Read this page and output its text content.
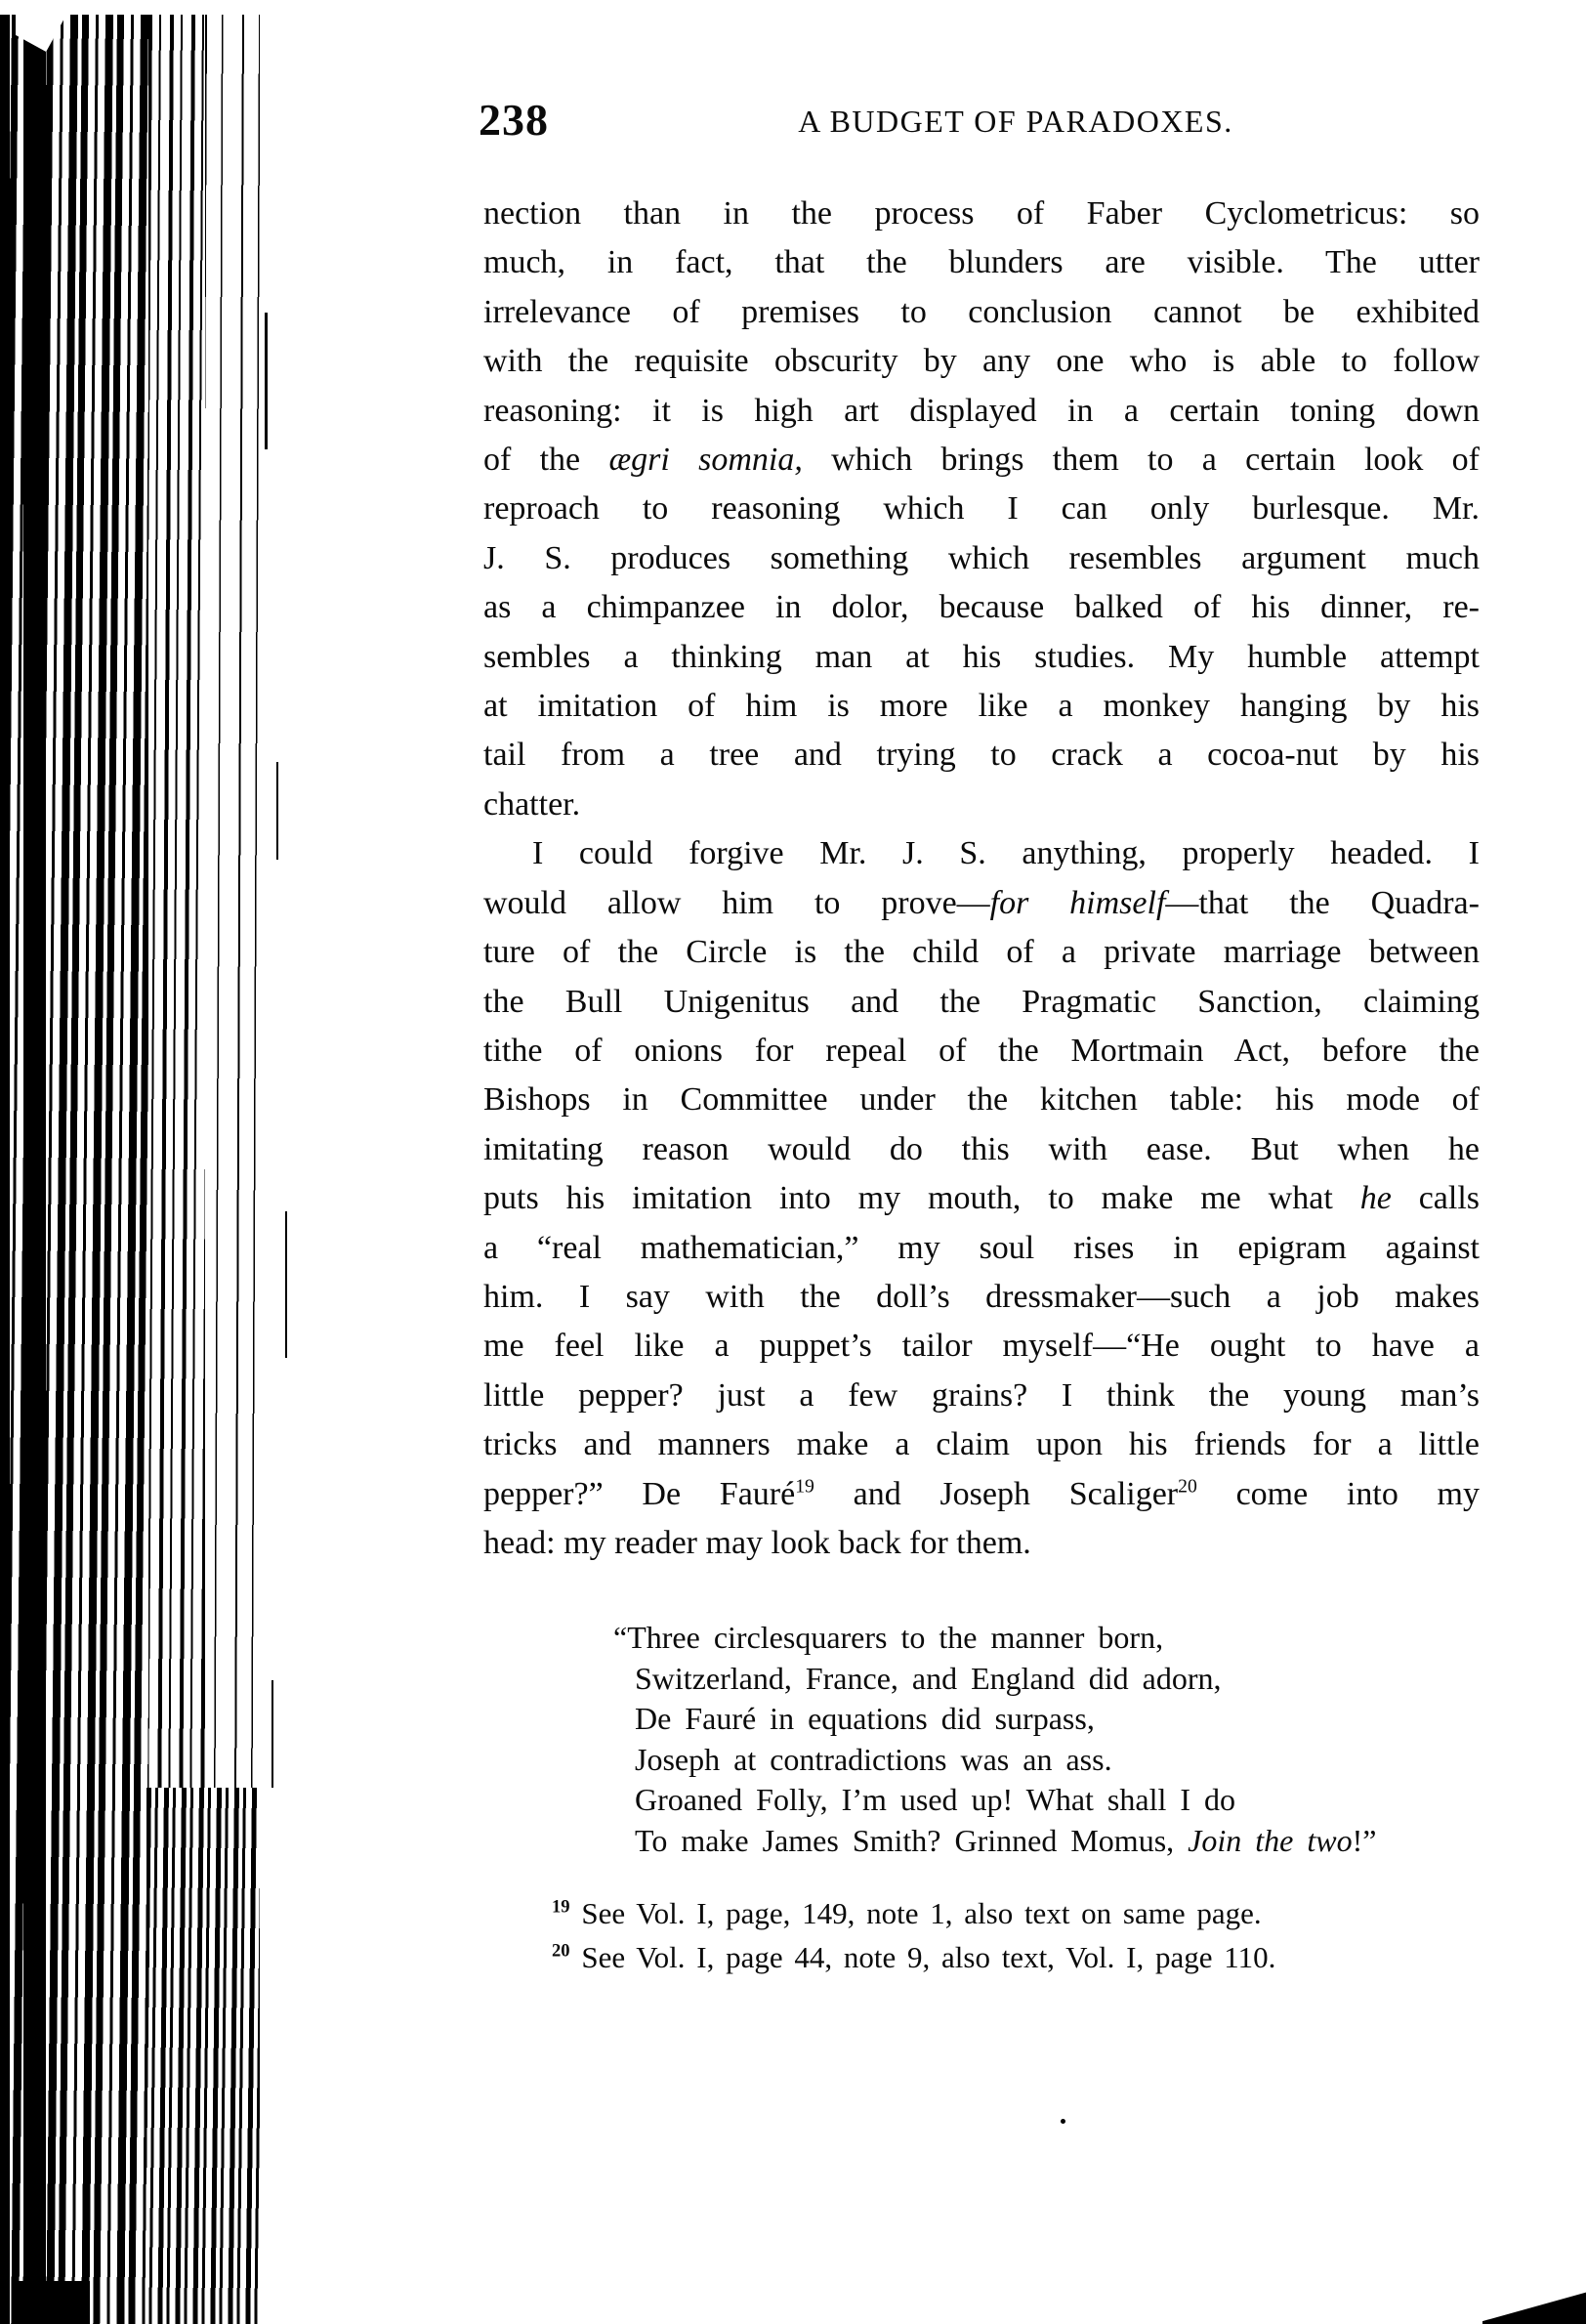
238	A BUDGET OF PARADOXES.
nection than in the process of Faber Cyclometricus: so
much, in fact, that the blunders are visible. The utter
irrelevance of premises to conclusion cannot be exhibited
with the requisite obscurity by any one who is able to follow
reasoning: it is high art displayed in a certain toning down
of the ægri somnia, which brings them to a certain look of
reproach to reasoning which I can only burlesque. Mr.
J. S. produces something which resembles argument much
as a chimpanzee in dolor, because balked of his dinner, re-
sembles a thinking man at his studies. My humble attempt
at imitation of him is more like a monkey hanging by his
tail from a tree and trying to crack a cocoa-nut by his
chatter.
I could forgive Mr. J. S. anything, properly headed. I
would allow him to prove—for himself—that the Quadra-
ture of the Circle is the child of a private marriage between
the Bull Unigenitus and the Pragmatic Sanction, claiming
tithe of onions for repeal of the Mortmain Act, before the
Bishops in Committee under the kitchen table: his mode of
imitating reason would do this with ease. But when he
puts his imitation into my mouth, to make me what he calls
a “real mathematician,” my soul rises in epigram against
him. I say with the doll’s dressmaker—such a job makes
me feel like a puppet’s tailor myself—“He ought to have a
little pepper? just a few grains? I think the young man’s
tricks and manners make a claim upon his friends for a little
pepper?” De Fauré$^{19}$ and Joseph Scaliger$^{20}$ come into my
head: my reader may look back for them.
“Three circlesquarers to the manner born,
Switzerland, France, and England did adorn,
De Fauré in equations did surpass,
Joseph at contradictions was an ass.
Groaned Folly, I’m used up! What shall I do
To make James Smith? Grinned Momus, Join the two!”
$^{19}$ See Vol. I, page, 149, note 1, also text on same page.
$^{20}$ See Vol. I, page 44, note 9, also text, Vol. I, page 110.
